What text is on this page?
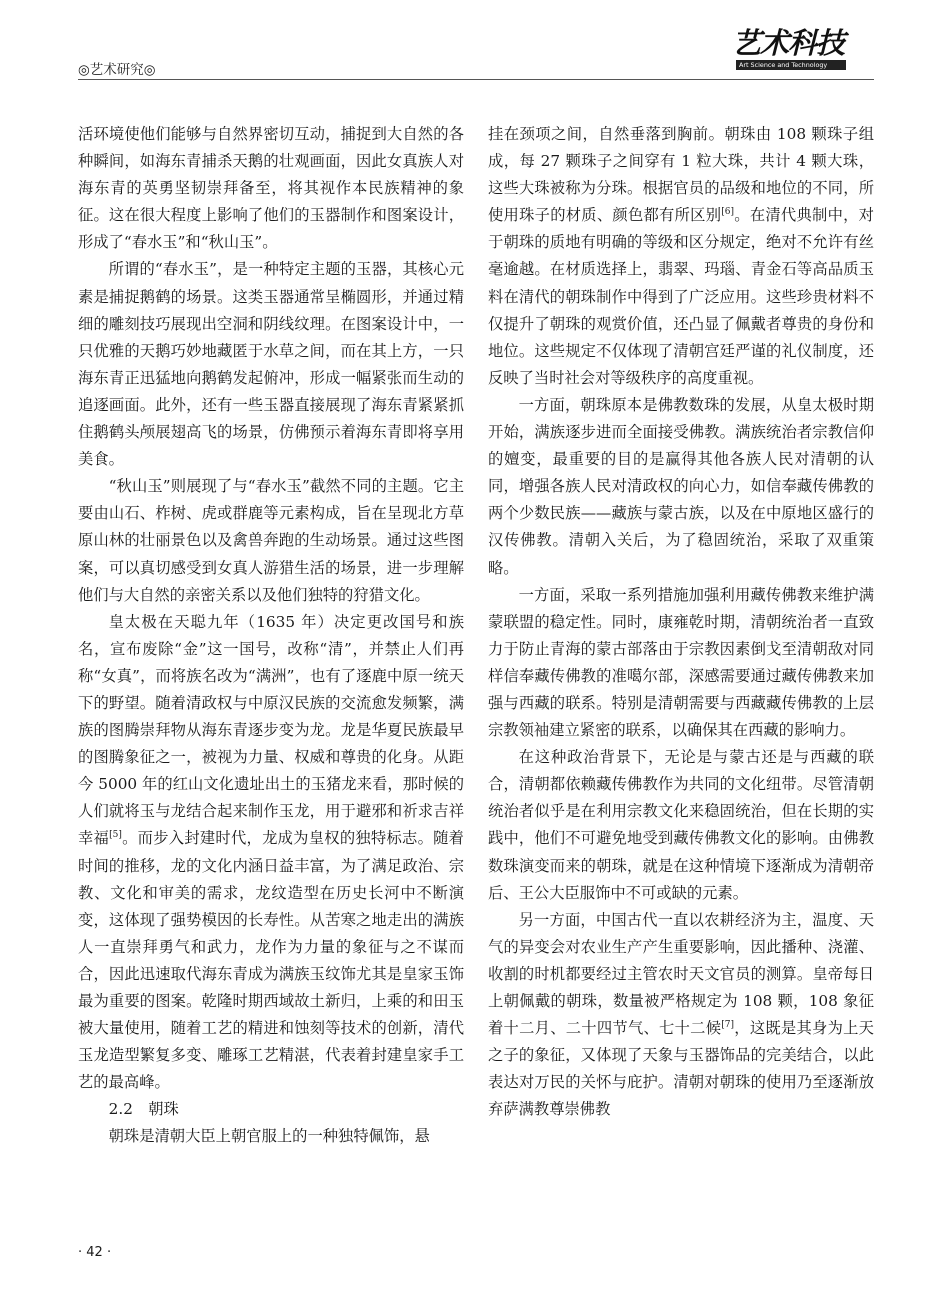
◎艺术研究◎
艺术科技
Art Science and Technology

活环境使他们能够与自然界密切互动，捕捉到大自然的各种瞬间，如海东青捕杀天鹅的壮观画面，因此女真族人对海东青的英勇坚韧崇拜备至，将其视作本民族精神的象征。这在很大程度上影响了他们的玉器制作和图案设计，形成了“春水玉”和“秋山玉”。

所谓的“春水玉”，是一种特定主题的玉器，其核心元素是捕捉鹅鹤的场景。这类玉器通常呈椭圆形，并通过精细的雕刻技巧展现出空洞和阴线纹理。在图案设计中，一只优雅的天鹅巧妙地藏匿于水草之间，而在其上方，一只海东青正迅猛地向鹅鹤发起俯冲，形成一幅紧张而生动的追逐画面。此外，还有一些玉器直接展现了海东青紧紧抓住鹅鹤头颅展翅高飞的场景，仿佛预示着海东青即将享用美食。

“秋山玉”则展现了与“春水玉”截然不同的主题。它主要由山石、柞树、虎或群鹿等元素构成，旨在呈现北方草原山林的壮丽景色以及禽兽奔跑的生动场景。通过这些图案，可以真切感受到女真人游猎生活的场景，进一步理解他们与大自然的亲密关系以及他们独特的狩猎文化。

皇太极在天聪九年（1635 年）决定更改国号和族名，宣布废除“金”这一国号，改称“清”，并禁止人们再称“女真”，而将族名改为“满洲”，也有了逐鹿中原一统天下的野望。随着清政权与中原汉民族的交流愈发频繁，满族的图腾崇拜物从海东青逐步变为龙。龙是华夏民族最早的图腾象征之一，被视为力量、权威和尊贵的化身。从距今 5000 年的红山文化遗址出土的玉猪龙来看，那时候的人们就将玉与龙结合起来制作玉龙，用于避邪和祈求吉祥幸福[5]。而步入封建时代，龙成为皇权的独特标志。随着时间的推移，龙的文化内涵日益丰富，为了满足政治、宗教、文化和审美的需求，龙纹造型在历史长河中不断演变，这体现了强势模因的长寿性。从苦寒之地走出的满族人一直崇拜勇气和武力，龙作为力量的象征与之不谋而合，因此迅速取代海东青成为满族玉纹饰尤其是皇家玉饰最为重要的图案。乾隆时期西域故土新归，上乘的和田玉被大量使用，随着工艺的精进和蚀刻等技术的创新，清代玉龙造型繁复多变、雕琢工艺精湛，代表着封建皇家手工艺的最高峰。

2.2　朝珠

朝珠是清朝大臣上朝官服上的一种独特佩饰，悬

挂在颈项之间，自然垂落到胸前。朝珠由 108 颗珠子组成，每 27 颗珠子之间穿有 1 粒大珠，共计 4 颗大珠，这些大珠被称为分珠。根据官员的品级和地位的不同，所使用珠子的材质、颜色都有所区别[6]。在清代典制中，对于朝珠的质地有明确的等级和区分规定，绝对不允许有丝毫逾越。在材质选择上，翡翠、玛瑙、青金石等高品质玉料在清代的朝珠制作中得到了广泛应用。这些珍贵材料不仅提升了朝珠的观赏价值，还凸显了佩戴者尊贵的身份和地位。这些规定不仅体现了清朝宫廷严谨的礼仪制度，还反映了当时社会对等级秩序的高度重视。

一方面，朝珠原本是佛教数珠的发展，从皇太极时期开始，满族逐步进而全面接受佛教。满族统治者宗教信仰的嬗变，最重要的目的是赢得其他各族人民对清朝的认同，增强各族人民对清政权的向心力，如信奉藏传佛教的两个少数民族——藏族与蒙古族，以及在中原地区盛行的汉传佛教。清朝入关后，为了稳固统治，采取了双重策略。

一方面，采取一系列措施加强利用藏传佛教来维护满蒙联盟的稳定性。同时，康雍乾时期，清朝统治者一直致力于防止青海的蒙古部落由于宗教因素倒戈至清朝敌对同样信奉藏传佛教的准噶尔部，深感需要通过藏传佛教来加强与西藏的联系。特别是清朝需要与西藏藏传佛教的上层宗教领袖建立紧密的联系，以确保其在西藏的影响力。

在这种政治背景下，无论是与蒙古还是与西藏的联合，清朝都依赖藏传佛教作为共同的文化纽带。尽管清朝统治者似乎是在利用宗教文化来稳固统治，但在长期的实践中，他们不可避免地受到藏传佛教文化的影响。由佛教数珠演变而来的朝珠，就是在这种情境下逐渐成为清朝帝后、王公大臣服饰中不可或缺的元素。

另一方面，中国古代一直以农耕经济为主，温度、天气的异变会对农业生产产生重要影响，因此播种、浇灌、收割的时机都要经过主管农时天文官员的测算。皇帝每日上朝佩戴的朝珠，数量被严格规定为 108 颗，108 象征着十二月、二十四节气、七十二候[7]，这既是其身为上天之子的象征，又体现了天象与玉器饰品的完美结合，以此表达对万民的关怀与庇护。清朝对朝珠的使用乃至逐渐放弃萨满教尊崇佛教

· 42 ·
